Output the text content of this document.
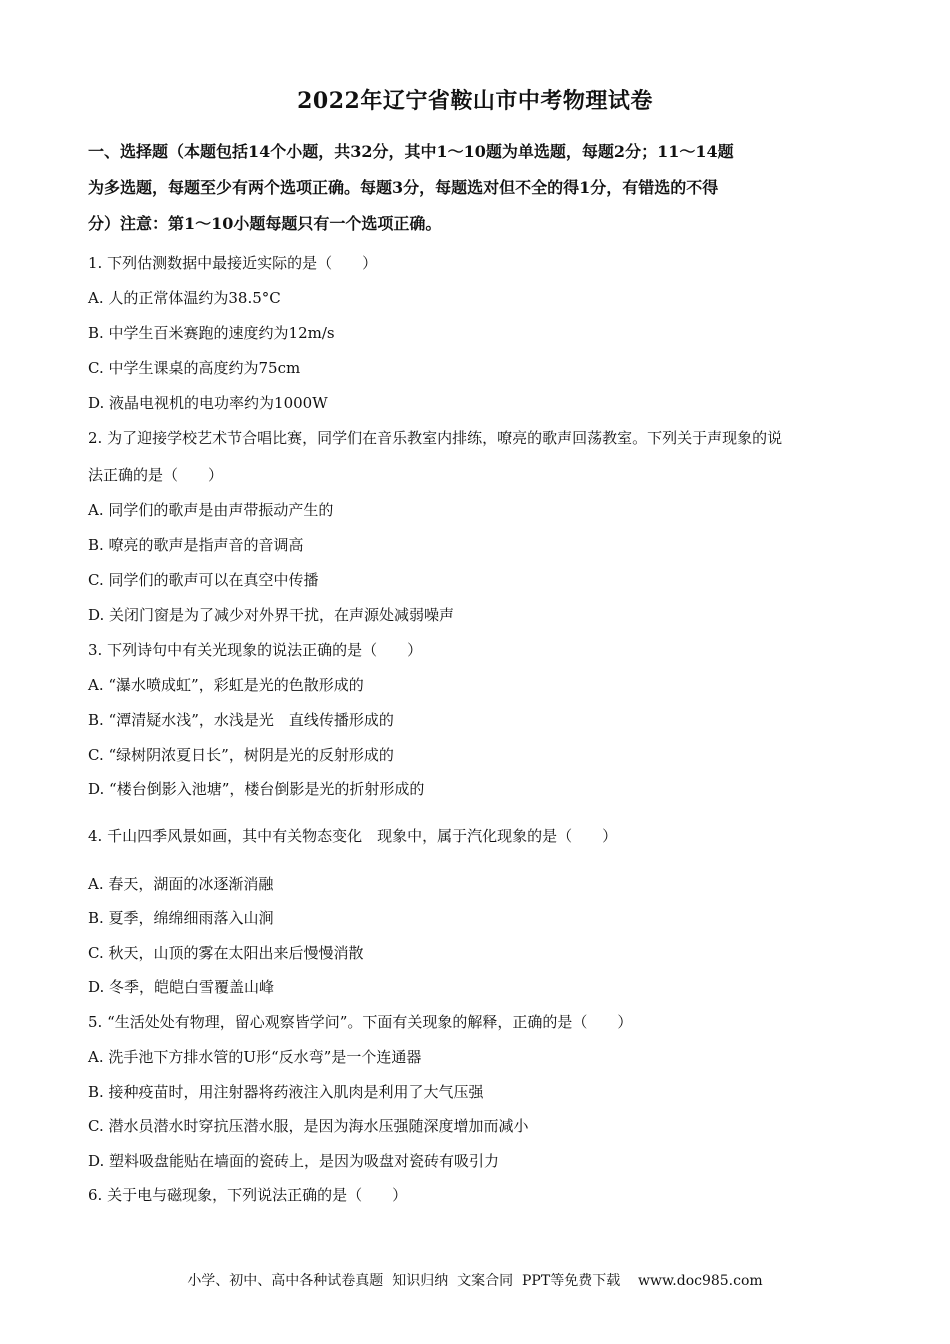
2022年辽宁省鞍山市中考物理试卷
一、选择题（本题包括14个小题，共32分，其中1～10题为单选题，每题2分；11～14题
为多选题，每题至少有两个选项正确。每题3分，每题选对但不全的得1分，有错选的不得
分）注意：第1～10小题每题只有一个选项正确。
1. 下列估测数据中最接近实际的是（　　）
A. 人的正常体温约为38.5°C
B. 中学生百米赛跑的速度约为12m/s
C. 中学生课桌的高度约为75cm
D. 液晶电视机的电功率约为1000W
2. 为了迎接学校艺术节合唱比赛，同学们在音乐教室内排练，嘹亮的歌声回荡教室。下列关于声现象的说
法正确的是（　　）
A. 同学们的歌声是由声带振动产生的
B. 嘹亮的歌声是指声音的音调高
C. 同学们的歌声可以在真空中传播
D. 关闭门窗是为了减少对外界干扰，在声源处减弱噪声
3. 下列诗句中有关光现象的说法正确的是（　　）
A. “瀑水喷成虹”，彩虹是光的色散形成的
B. “潭清疑水浅”，水浅是光　直线传播形成的
C. “绿树阴浓夏日长”，树阴是光的反射形成的
D. “楼台倒影入池塘”，楼台倒影是光的折射形成的
4. 千山四季风景如画，其中有关物态变化　现象中，属于汽化现象的是（　　）
A. 春天，湖面的冰逐渐消融
B. 夏季，绵绵细雨落入山涧
C. 秋天，山顶的雾在太阳出来后慢慢消散
D. 冬季，皑皑白雪覆盖山峰
5. “生活处处有物理，留心观察皆学问”。下面有关现象的解释，正确的是（　　）
A. 洗手池下方排水管的U形“反水弯”是一个连通器
B. 接种疫苗时，用注射器将药液注入肌肉是利用了大气压强
C. 潜水员潜水时穿抗压潜水服，是因为海水压强随深度增加而减小
D. 塑料吸盘能贴在墙面的瓷砖上，是因为吸盘对瓷砖有吸引力
6. 关于电与磁现象，下列说法正确的是（　　）
小学、初中、高中各种试卷真题  知识归纳  文案合同  PPT等免费下载    www.doc985.com
